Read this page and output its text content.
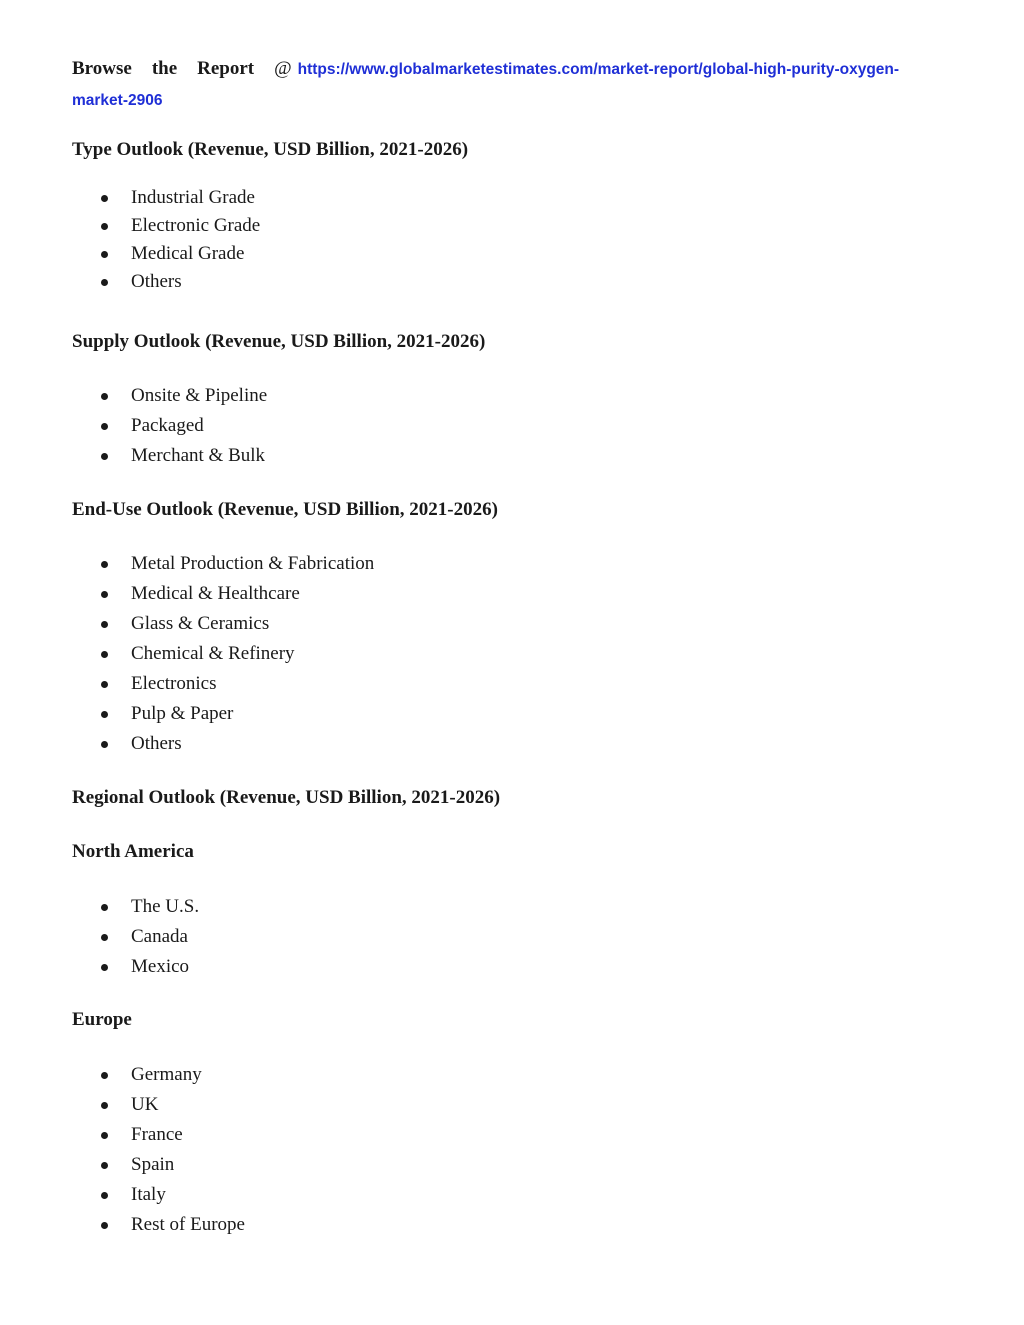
Browse the Report @ https://www.globalmarketestimates.com/market-report/global-high-purity-oxygen-
market-2906
Type Outlook (Revenue, USD Billion, 2021-2026)
Industrial Grade
Electronic Grade
Medical Grade
Others
Supply Outlook (Revenue, USD Billion, 2021-2026)
Onsite & Pipeline
Packaged
Merchant & Bulk
End-Use Outlook (Revenue, USD Billion, 2021-2026)
Metal Production & Fabrication
Medical & Healthcare
Glass & Ceramics
Chemical & Refinery
Electronics
Pulp & Paper
Others
Regional Outlook (Revenue, USD Billion, 2021-2026)
North America
The U.S.
Canada
Mexico
Europe
Germany
UK
France
Spain
Italy
Rest of Europe
